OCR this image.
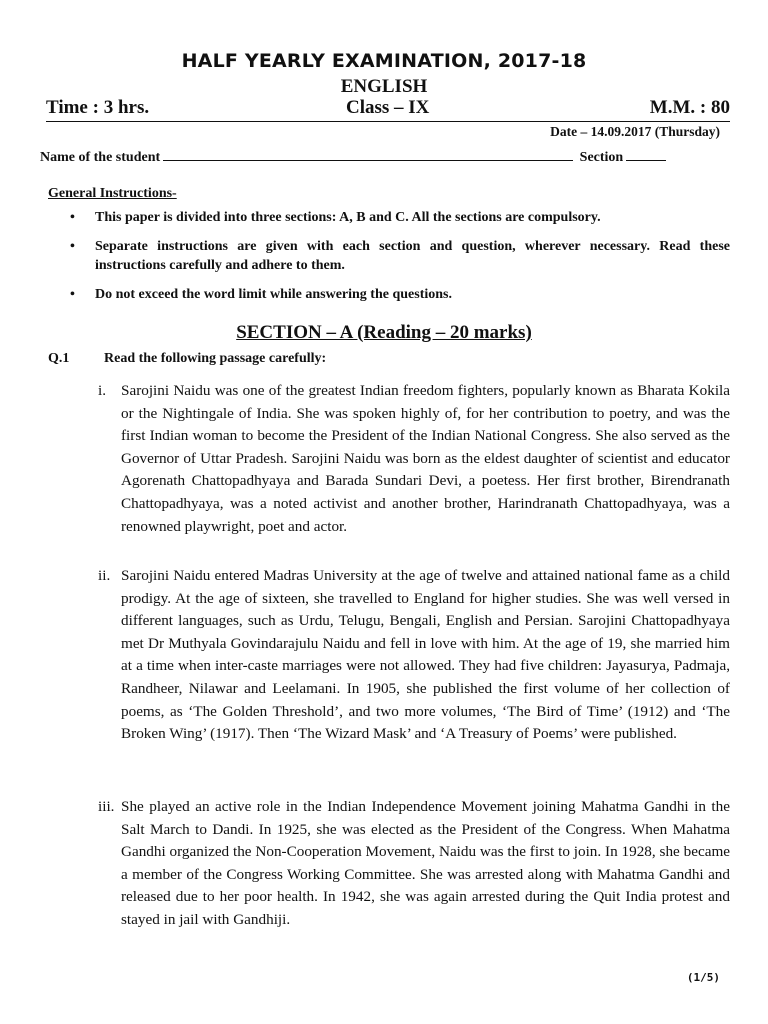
HALF YEARLY EXAMINATION, 2017-18
ENGLISH
Time : 3 hrs.	Class – IX	M.M. : 80
Date – 14.09.2017 (Thursday)
Name of the student	Section
General Instructions-
• This paper is divided into three sections: A, B and C. All the sections are compulsory.
• Separate instructions are given with each section and question, wherever necessary. Read these instructions carefully and adhere to them.
• Do not exceed the word limit while answering the questions.
SECTION – A (Reading – 20 marks)
Q.1 Read the following passage carefully:
i. Sarojini Naidu was one of the greatest Indian freedom fighters, popularly known as Bharata Kokila or the Nightingale of India. She was spoken highly of, for her contribution to poetry, and was the first Indian woman to become the President of the Indian National Congress. She also served as the Governor of Uttar Pradesh. Sarojini Naidu was born as the eldest daughter of scientist and educator Agorenath Chattopadhyaya and Barada Sundari Devi, a poetess. Her first brother, Birendranath Chattopadhyaya, was a noted activist and another brother, Harindranath Chattopadhyaya, was a renowned playwright, poet and actor.
ii. Sarojini Naidu entered Madras University at the age of twelve and attained national fame as a child prodigy. At the age of sixteen, she travelled to England for higher studies. She was well versed in different languages, such as Urdu, Telugu, Bengali, English and Persian. Sarojini Chattopadhyaya met Dr Muthyala Govindarajulu Naidu and fell in love with him. At the age of 19, she married him at a time when inter-caste marriages were not allowed. They had five children: Jayasurya, Padmaja, Randheer, Nilawar and Leelamani. In 1905, she published the first volume of her collection of poems, as ‘The Golden Threshold’, and two more volumes, ‘The Bird of Time’ (1912) and ‘The Broken Wing’ (1917). Then ‘The Wizard Mask’ and ‘A Treasury of Poems’ were published.
iii. She played an active role in the Indian Independence Movement joining Mahatma Gandhi in the Salt March to Dandi. In 1925, she was elected as the President of the Congress. When Mahatma Gandhi organized the Non-Cooperation Movement, Naidu was the first to join. In 1928, she became a member of the Congress Working Committee. She was arrested along with Mahatma Gandhi and released due to her poor health. In 1942, she was again arrested during the Quit India protest and stayed in jail with Gandhiji.
(1/5)
